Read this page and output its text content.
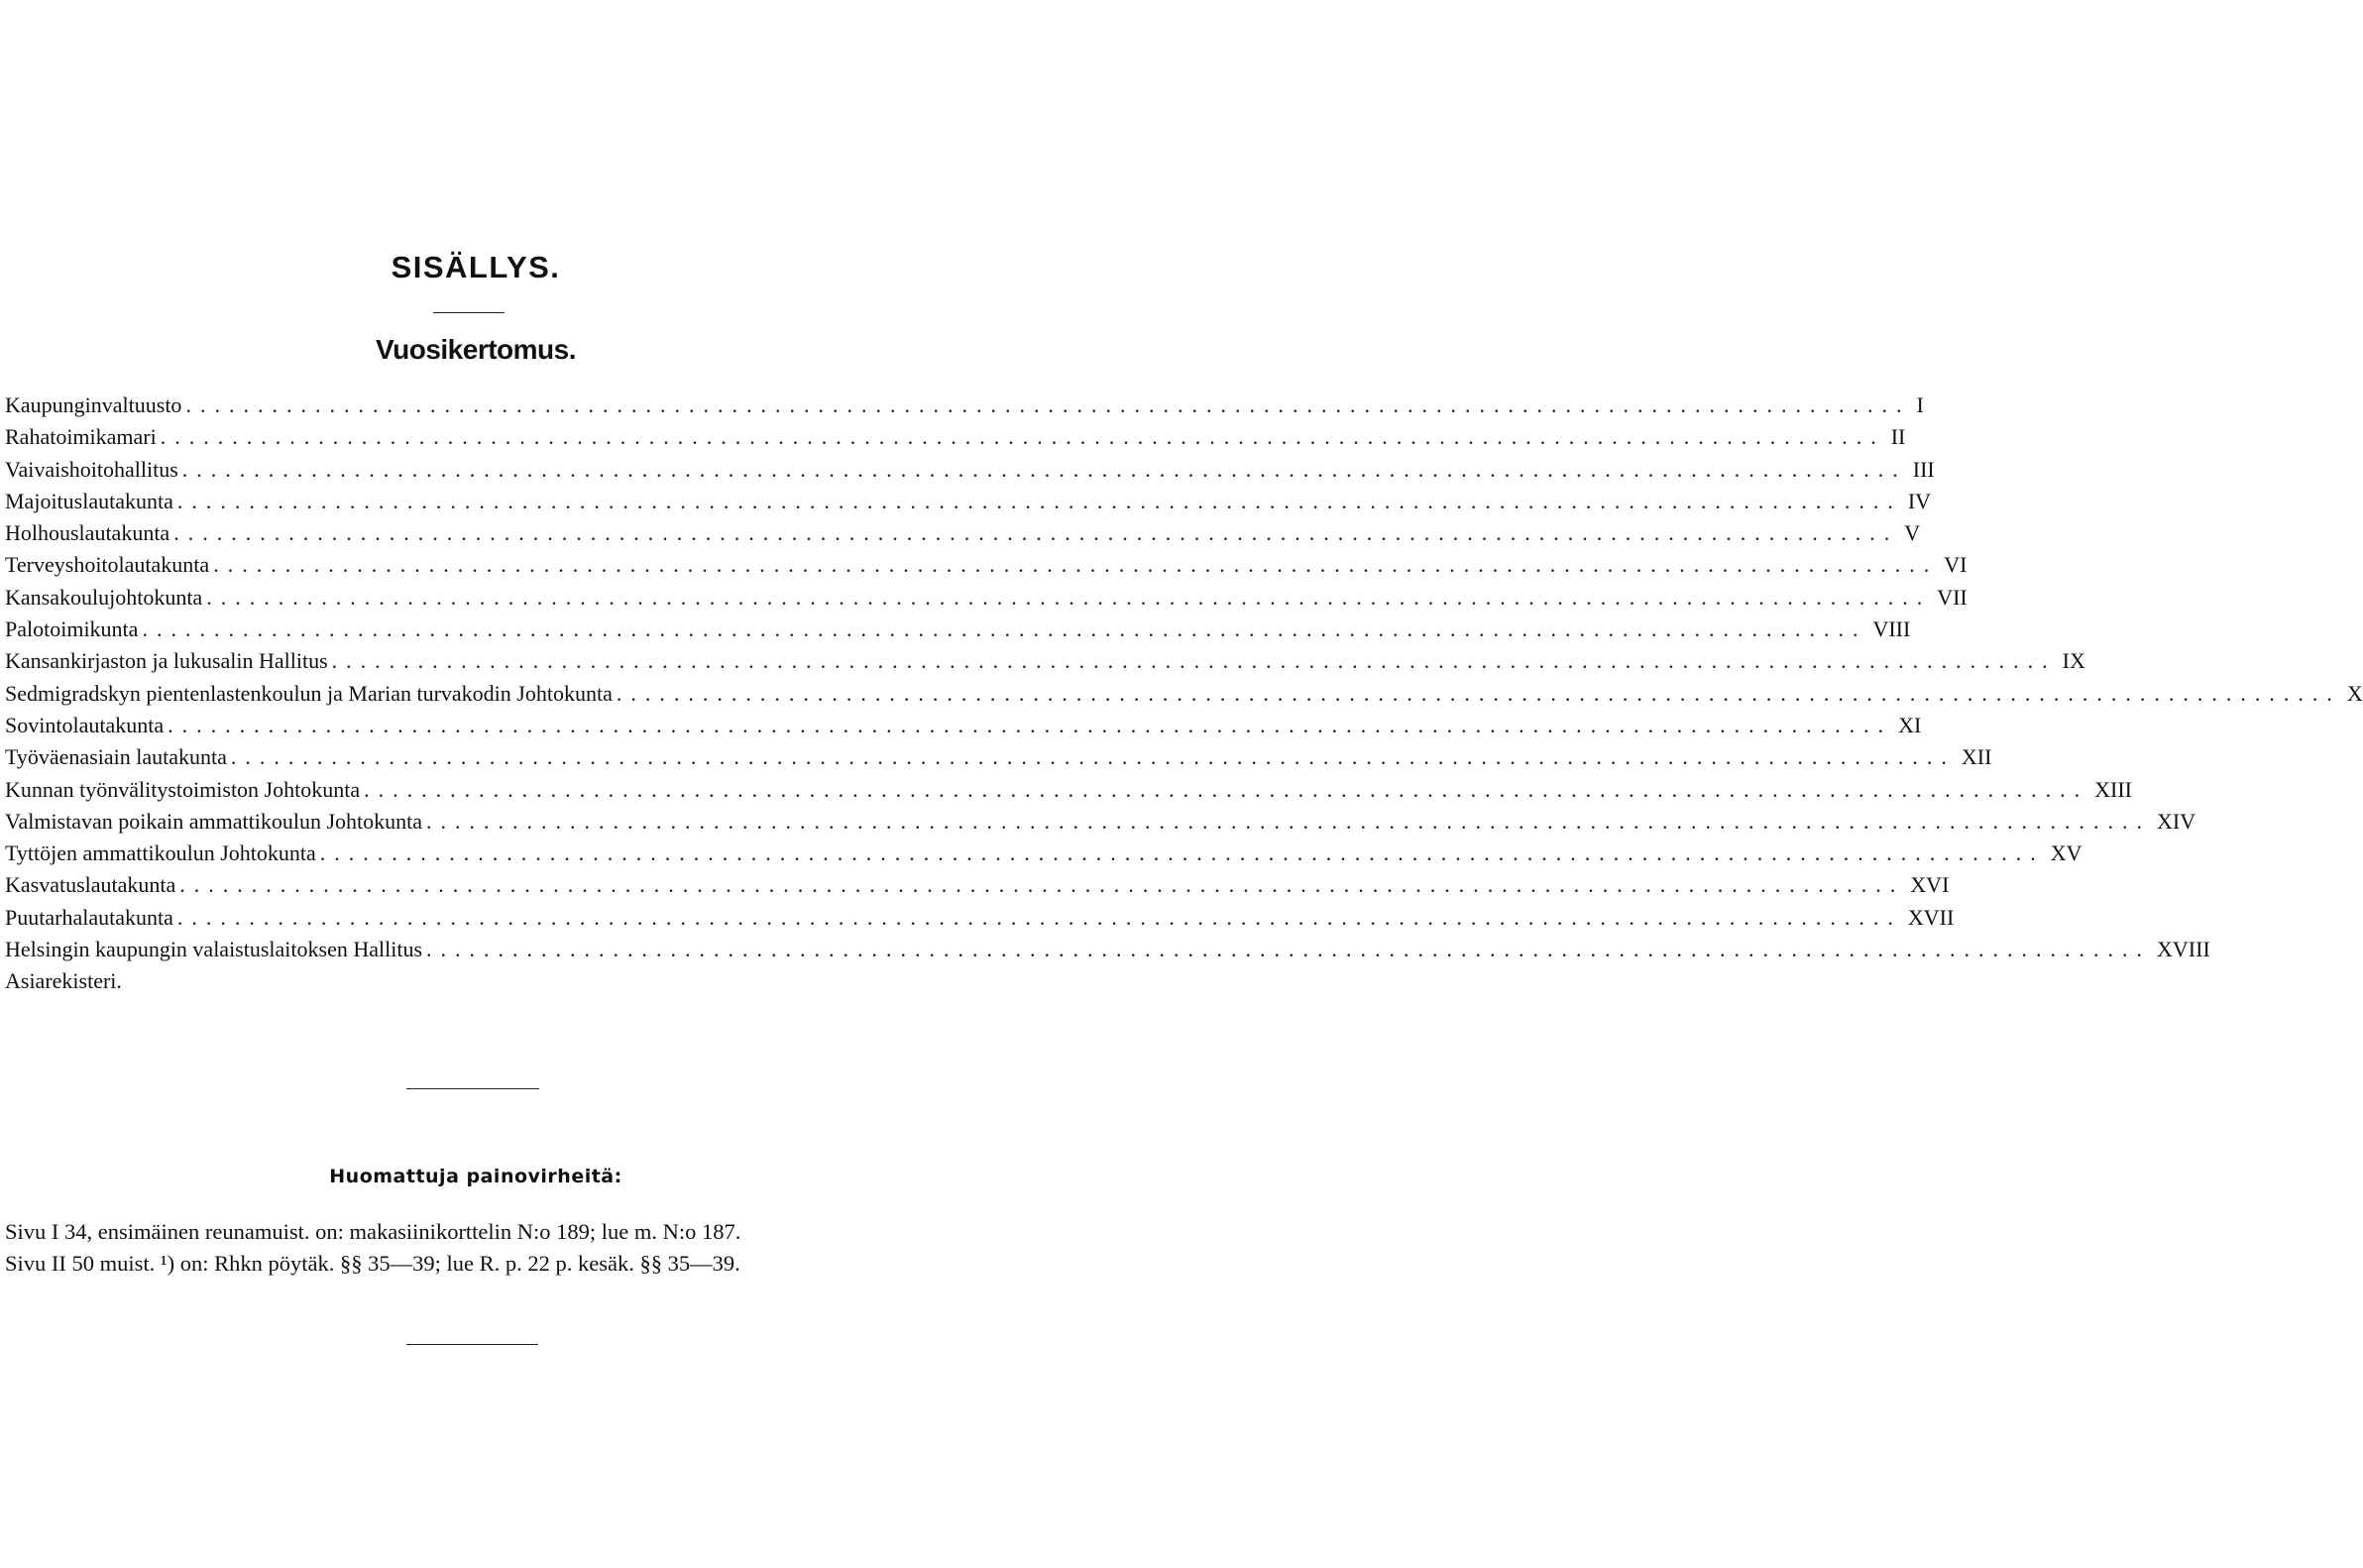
SISÄLLYS.
Vuosikertomus.
Kaupunginvaltuusto ........................................................................................................................ I
Rahatoimikamari ........................................................................................................................ II
Vaivaishoitohallitus ........................................................................................................................ III
Majoituslautakunta ........................................................................................................................ IV
Holhouslautakunta ........................................................................................................................ V
Terveyshoitolautakunta ........................................................................................................................ VI
Kansakoulujohtokunta ........................................................................................................................ VII
Palotoimikunta ........................................................................................................................ VIII
Kansankirjaston ja lukusalin Hallitus ........................................................................................................................ IX
Sedmigradskyn pientenlastenkoulun ja Marian turvakodin Johtokunta ........................................................................................................................ X
Sovintolautakunta ........................................................................................................................ XI
Työväenasiain lautakunta ........................................................................................................................ XII
Kunnan työnvälitystoimiston Johtokunta ........................................................................................................................ XIII
Valmistavan poikain ammattikoulun Johtokunta ........................................................................................................................ XIV
Tyttöjen ammattikoulun Johtokunta ........................................................................................................................ XV
Kasvatuslautakunta ........................................................................................................................ XVI
Puutarhalautakunta ........................................................................................................................ XVII
Helsingin kaupungin valaistuslaitoksen Hallitus ........................................................................................................................ XVIII
Asiarekisteri.
Huomattuja painovirheitä:
Sivu I 34, ensimäinen reunamuist. on: makasiinikorttelin N:o 189; lue m. N:o 187.
Sivu II 50 muist. ¹) on: Rhkn pöytäk. §§ 35—39; lue R. p. 22 p. kesäk. §§ 35—39.
